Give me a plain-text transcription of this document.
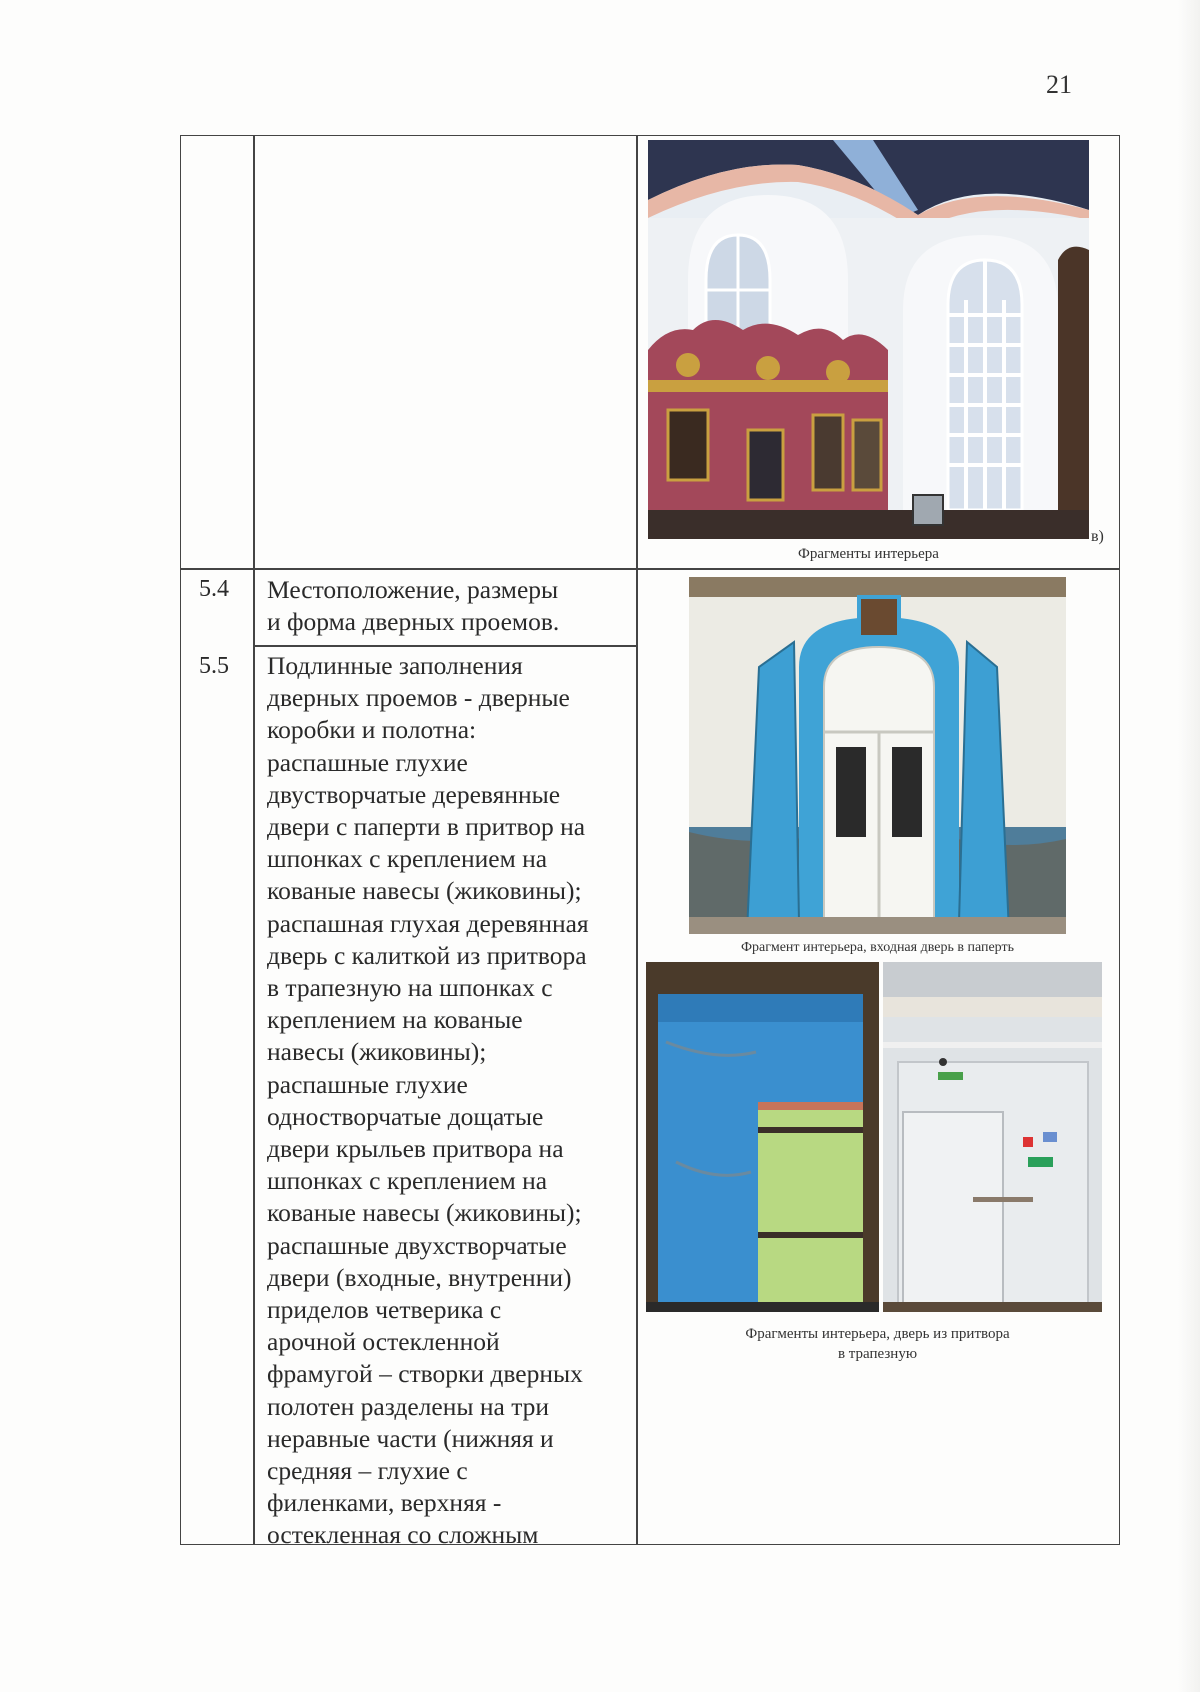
21
5.4 Местоположение, размеры
и форма дверных проемов.
5.5 Подлинные заполнения
дверных проемов - дверные
коробки и полотна:
распашные глухие
двустворчатые деревянные
двери с паперти в притвор на
шпонках с креплением на
кованые навесы (жиковины);
распашная глухая деревянная
дверь с калиткой из притвора
в трапезную на шпонках с
креплением на кованые
навесы (жиковины);
распашные глухие
одностворчатые дощатые
двери крыльев притвора на
шпонках с креплением на
кованые навесы (жиковины);
распашные двухстворчатые
двери (входные, внутренни)
приделов четверика с
арочной остекленной
фрамугой – створки дверных
полотен разделены на три
неравные части (нижняя и
средняя – глухие с
филенками, верхняя -
остекленная со сложным
в)
Фрагменты интерьера
Фрагмент интерьера, входная дверь в паперть
Фрагменты интерьера, дверь из притвора
в трапезную
